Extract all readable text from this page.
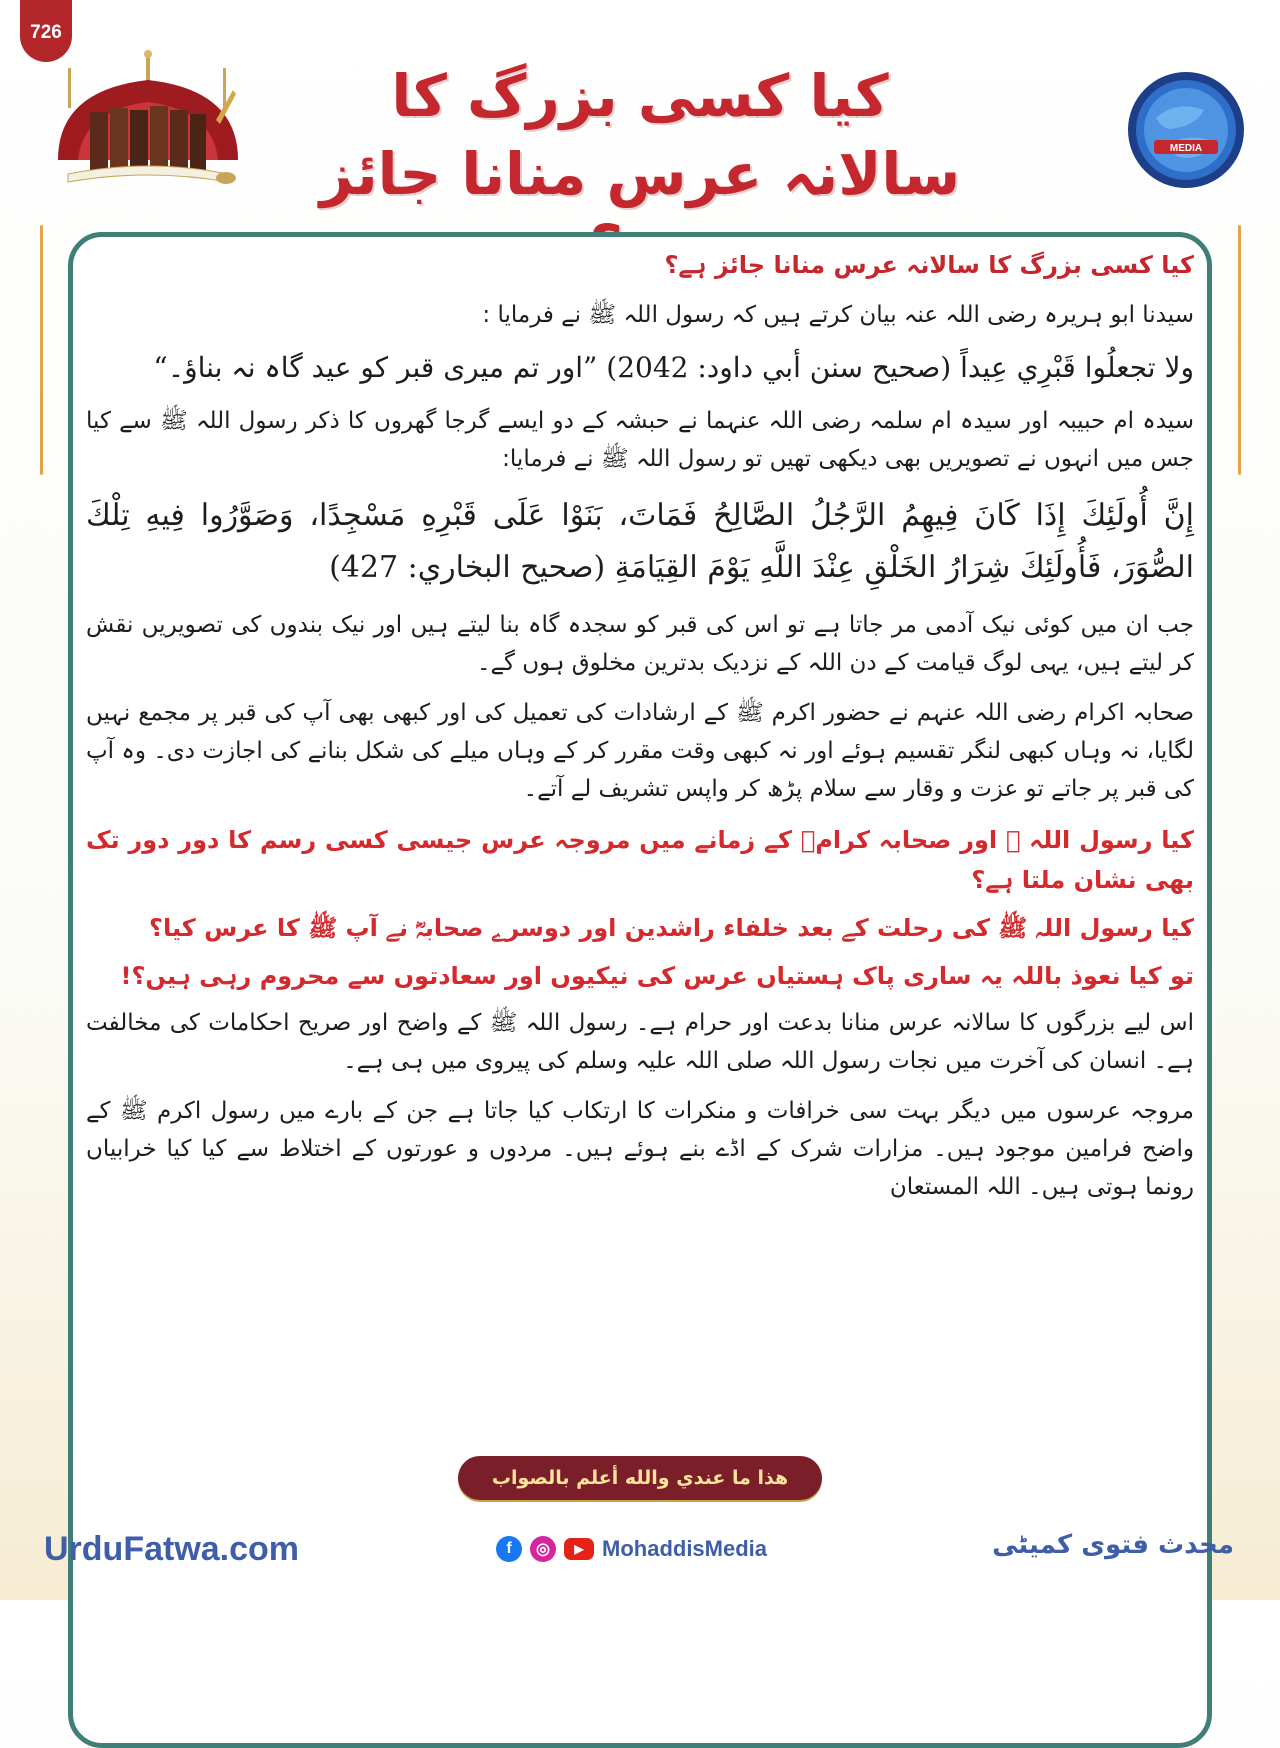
726
MEDIA
کیا کسی بزرگ کا
سالانہ عرس منانا جائز

کیا کسی بزرگ کا سالانہ عرس منانا جائز ہے؟

سیدنا ابو ہریرہ رضی اللہ عنہ بیان کرتے ہیں کہ رسول اللہ ﷺ نے فرمایا :

ولا تجعلُوا قَبْرِي عِيداً (صحيح سنن أبي داود: 2042) ”اور تم میری قبر کو عید گاہ نہ بناؤ۔“

سیدہ ام حبیبہ اور سیدہ ام سلمہ رضی اللہ عنہما نے حبشہ کے دو ایسے گرجا گھروں کا ذکر رسول اللہ ﷺ سے کیا جس میں انہوں نے تصویریں بھی دیکھی تھیں تو رسول اللہ ﷺ نے فرمایا:

إِنَّ أُولَئِكَ إِذَا كَانَ فِيهِمُ الرَّجُلُ الصَّالِحُ فَمَاتَ، بَنَوْا عَلَى قَبْرِهِ مَسْجِدًا، وَصَوَّرُوا فِيهِ تِلْكَ الصُّوَرَ، فَأُولَئِكَ شِرَارُ الخَلْقِ عِنْدَ اللَّهِ يَوْمَ القِيَامَةِ (صحيح البخاري: 427)

جب ان میں کوئی نیک آدمی مر جاتا ہے تو اس کی قبر کو سجدہ گاہ بنا لیتے ہیں اور نیک بندوں کی تصویریں نقش کر لیتے ہیں، یہی لوگ قیامت کے دن اللہ کے نزدیک بدترین مخلوق ہوں گے۔

صحابہ اکرام رضی اللہ عنہم نے حضور اکرم ﷺ کے ارشادات کی تعمیل کی اور کبھی بھی آپ کی قبر پر مجمع نہیں لگایا، نہ وہاں کبھی لنگر تقسیم ہوئے اور نہ کبھی وقت مقرر کر کے وہاں میلے کی شکل بنانے کی اجازت دی۔ وہ آپ کی قبر پر جاتے تو عزت و وقار سے سلام پڑھ کر واپس تشریف لے آتے۔

کیا رسول اللہ ﷺ اور صحابہ کرامؓ کے زمانے میں مروجہ عرس جیسی کسی رسم کا دور دور تک بھی نشان ملتا ہے؟

کیا رسول اللہ ﷺ کی رحلت کے بعد خلفاء راشدین اور دوسرے صحابہؓ نے آپ ﷺ کا عرس کیا؟

تو کیا نعوذ باللہ یہ ساری پاک ہستیاں عرس کی نیکیوں اور سعادتوں سے محروم رہی ہیں؟!

اس لیے بزرگوں کا سالانہ عرس منانا بدعت اور حرام ہے۔ رسول اللہ ﷺ کے واضح اور صریح احکامات کی مخالفت ہے۔ انسان کی آخرت میں نجات رسول اللہ صلی اللہ علیہ وسلم کی پیروی میں ہی ہے۔

مروجہ عرسوں میں دیگر بہت سی خرافات و منکرات کا ارتکاب کیا جاتا ہے جن کے بارے میں رسول اکرم ﷺ کے واضح فرامین موجود ہیں۔ مزارات شرک کے اڈے بنے ہوئے ہیں۔ مردوں و عورتوں کے اختلاط سے کیا کیا خرابیاں رونما ہوتی ہیں۔ اللہ المستعان

هذا ما عندي والله أعلم بالصواب
UrduFatwa.com	f	◎	▶ MohaddisMedia	محدث فتوی کمیٹی
